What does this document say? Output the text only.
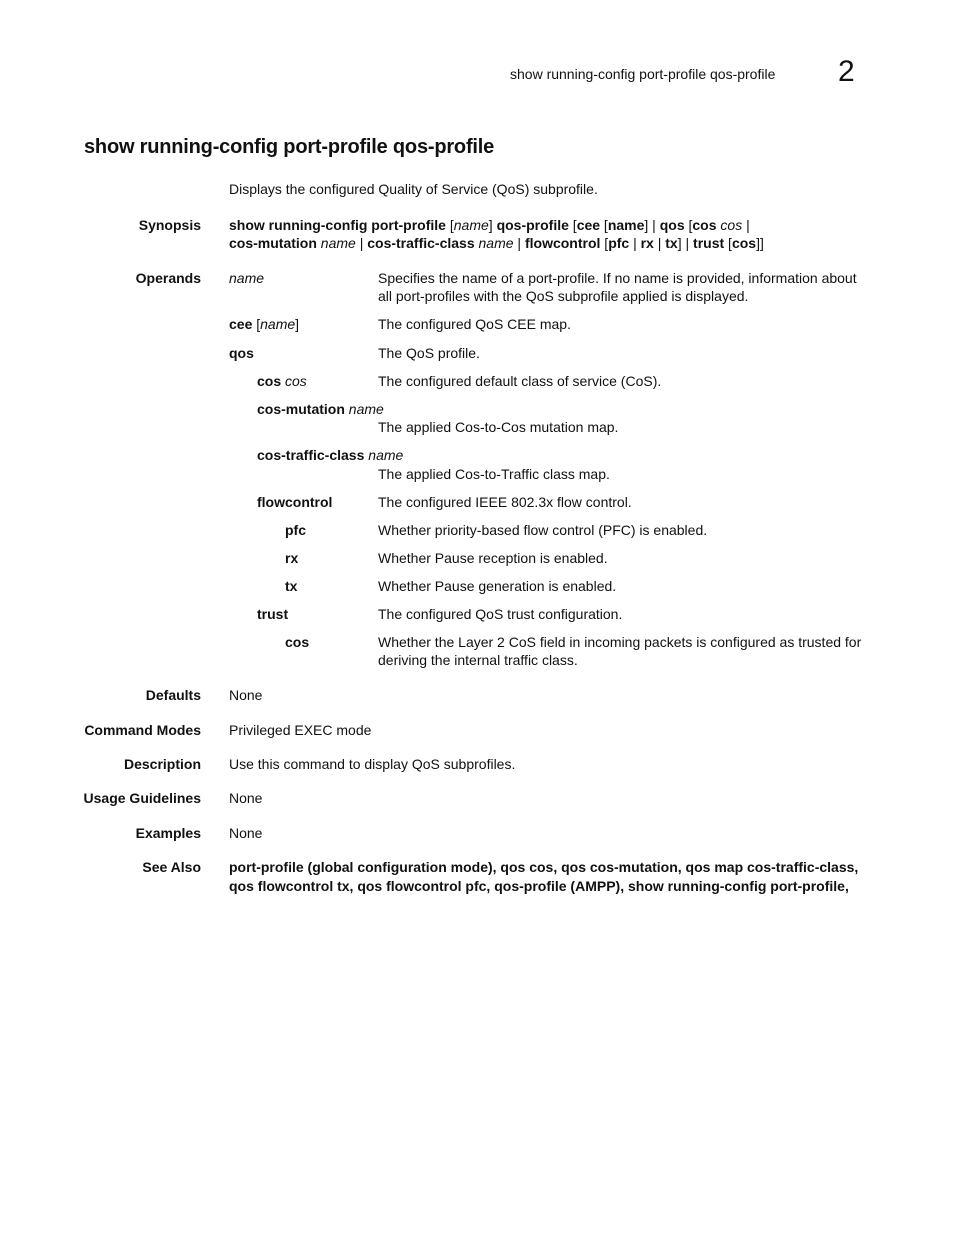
show running-config port-profile qos-profile 2
show running-config port-profile qos-profile
Displays the configured Quality of Service (QoS) subprofile.
Synopsis show running-config port-profile [name] qos-profile [cee [name] | qos [cos cos |
cos-mutation name | cos-traffic-class name | flowcontrol [pfc | rx | tx] | trust [cos]]
Operands name	Specifies the name of a port-profile. If no name is provided, information about all port-profiles with the QoS subprofile applied is displayed.
cee [name]	The configured QoS CEE map.
qos	The QoS profile.
cos cos	The configured default class of service (CoS).
cos-mutation name
The applied Cos-to-Cos mutation map.
cos-traffic-class name
The applied Cos-to-Traffic class map.
flowcontrol	The configured IEEE 802.3x flow control.
pfc	Whether priority-based flow control (PFC) is enabled.
rx	Whether Pause reception is enabled.
tx	Whether Pause generation is enabled.
trust	The configured QoS trust configuration.
cos	Whether the Layer 2 CoS field in incoming packets is configured as trusted for deriving the internal traffic class.
Defaults None
Command Modes Privileged EXEC mode
Description Use this command to display QoS subprofiles.
Usage Guidelines None
Examples None
See Also port-profile (global configuration mode), qos cos, qos cos-mutation, qos map cos-traffic-class,
qos flowcontrol tx, qos flowcontrol pfc, qos-profile (AMPP), show running-config port-profile,
